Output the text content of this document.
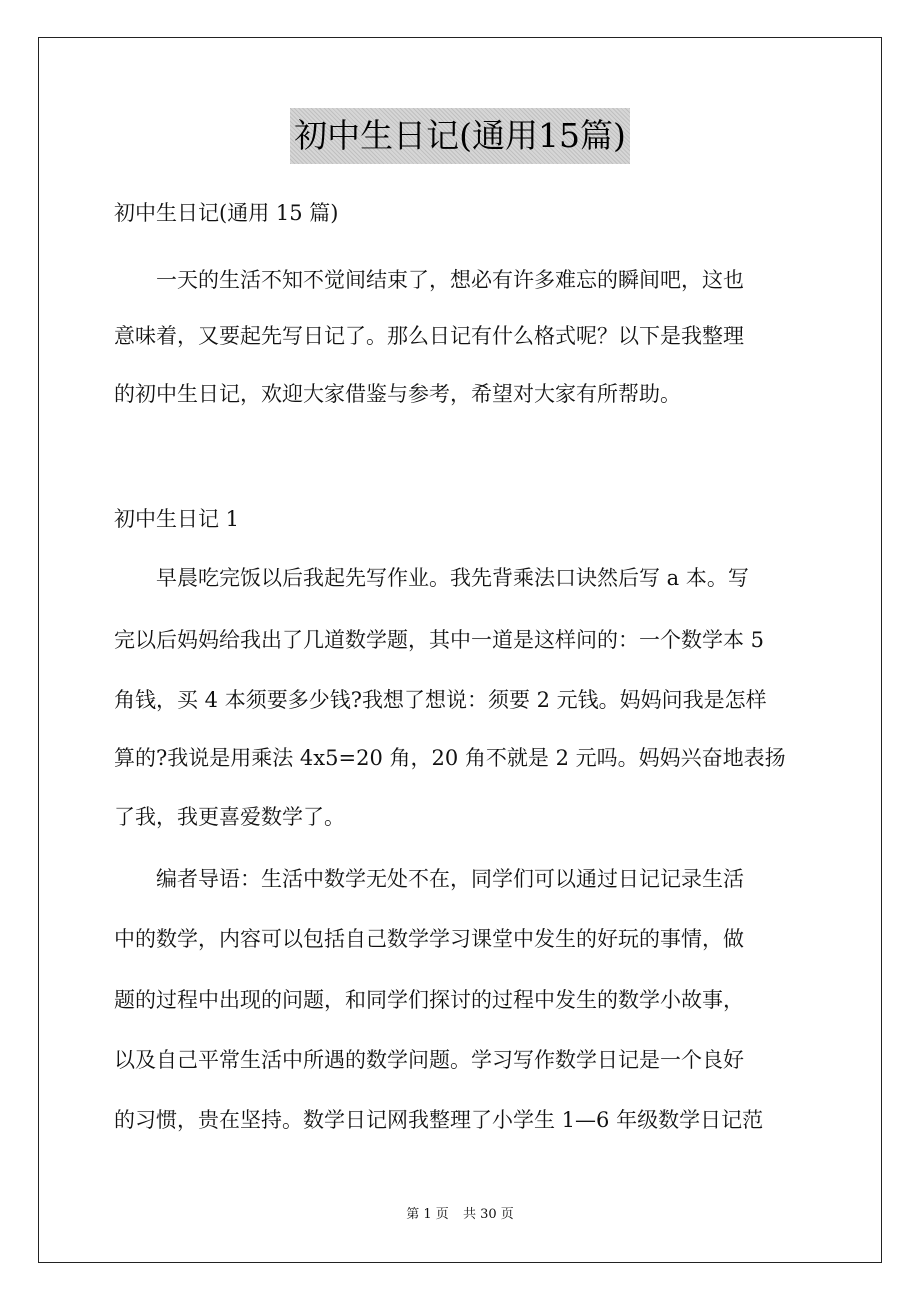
初中生日记(通用15篇)
初中生日记(通用 15 篇)
一天的生活不知不觉间结束了，想必有许多难忘的瞬间吧，这也
意味着，又要起先写日记了。那么日记有什么格式呢？以下是我整理
的初中生日记，欢迎大家借鉴与参考，希望对大家有所帮助。
初中生日记 1
早晨吃完饭以后我起先写作业。我先背乘法口诀然后写 a 本。写
完以后妈妈给我出了几道数学题，其中一道是这样问的：一个数学本 5
角钱，买 4 本须要多少钱?我想了想说：须要 2 元钱。妈妈问我是怎样
算的?我说是用乘法 4x5=20 角，20 角不就是 2 元吗。妈妈兴奋地表扬
了我，我更喜爱数学了。
编者导语：生活中数学无处不在，同学们可以通过日记记录生活
中的数学，内容可以包括自己数学学习课堂中发生的好玩的事情，做
题的过程中出现的问题，和同学们探讨的过程中发生的数学小故事，
以及自己平常生活中所遇的数学问题。学习写作数学日记是一个良好
的习惯，贵在坚持。数学日记网我整理了小学生 1—6 年级数学日记范
第 1 页 共 30 页
